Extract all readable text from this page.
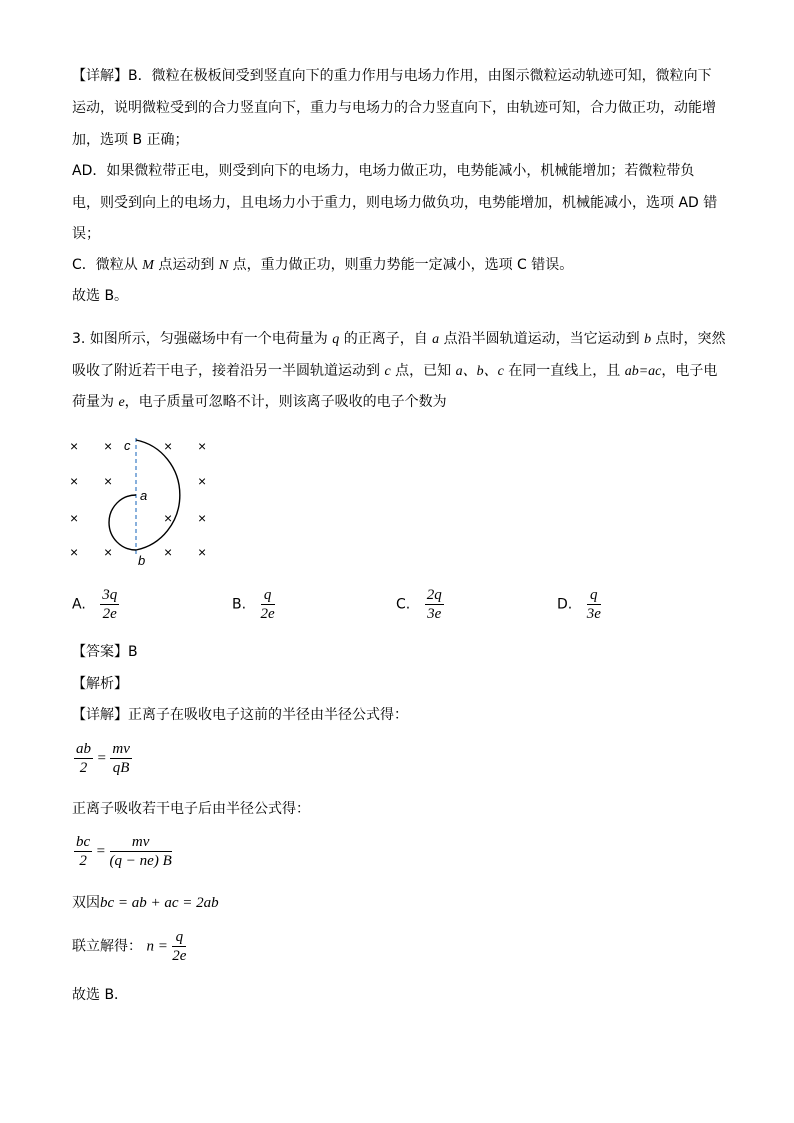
【详解】B．微粒在极板间受到竖直向下的重力作用与电场力作用，由图示微粒运动轨迹可知，微粒向下
运动，说明微粒受到的合力竖直向下，重力与电场力的合力竖直向下，由轨迹可知，合力做正功，动能增
加，选项 B 正确；
AD．如果微粒带正电，则受到向下的电场力，电场力做正功，电势能减小，机械能增加；若微粒带负
电，则受到向上的电场力，且电场力小于重力，则电场力做负功，电势能增加，机械能减小，选项 AD 错
误；
C．微粒从 M 点运动到 N 点，重力做正功，则重力势能一定减小，选项 C 错误。
故选 B。
3. 如图所示，匀强磁场中有一个电荷量为 q 的正离子，自 a 点沿半圆轨道运动，当它运动到 b 点时，突然
吸收了附近若干电子，接着沿另一半圆轨道运动到 c 点，已知 a、b、c 在同一直线上，且 ab=ac，电子电
荷量为 e，电子质量可忽略不计，则该离子吸收的电子个数为
× ×	× ×
× ×	×
×	× ×
× ×	× ×
c
a
b
A. $\frac{3q}{2e}$	B. $\frac{q}{2e}$	C. $\frac{2q}{3e}$	D. $\frac{q}{3e}$
【答案】B
【解析】
【详解】正离子在吸收电子这前的半径由半径公式得：
$\frac{ab}{2} = \frac{mv}{qB}$
正离子吸收若干电子后由半径公式得：
$\frac{bc}{2} = \frac{mv}{(q - ne) B}$
双因bc = ab + ac = 2ab
联立解得： $n = \frac{q}{2e}$
故选 B．
